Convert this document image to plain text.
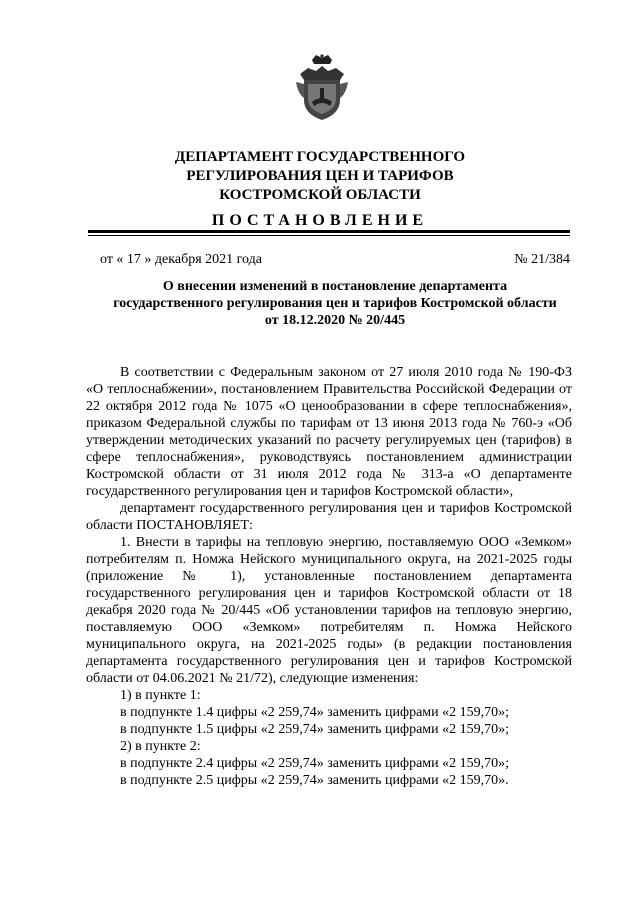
ДЕПАРТАМЕНТ ГОСУДАРСТВЕННОГО
РЕГУЛИРОВАНИЯ ЦЕН И ТАРИФОВ
КОСТРОМСКОЙ ОБЛАСТИ
ПОСТАНОВЛЕНИЕ
от « 17 » декабря 2021 года	№ 21/384
О внесении изменений в постановление департамента
государственного регулирования цен и тарифов Костромской области
от 18.12.2020 № 20/445

В соответствии с Федеральным законом от 27 июля 2010 года № 190-ФЗ «О теплоснабжении», постановлением Правительства Российской Федерации от 22 октября 2012 года № 1075 «О ценообразовании в сфере теплоснабжения», приказом Федеральной службы по тарифам от 13 июня 2013 года № 760-э «Об утверждении методических указаний по расчету регулируемых цен (тарифов) в сфере теплоснабжения», руководствуясь постановлением администрации Костромской области от 31 июля 2012 года № 313-а «О департаменте государственного регулирования цен и тарифов Костромской области»,

департамент государственного регулирования цен и тарифов Костромской области ПОСТАНОВЛЯЕТ:

1. Внести в тарифы на тепловую энергию, поставляемую ООО «Земком» потребителям п. Номжа Нейского муниципального округа, на 2021-2025 годы (приложение № 1), установленные постановлением департамента государственного регулирования цен и тарифов Костромской области от 18 декабря 2020 года № 20/445 «Об установлении тарифов на тепловую энергию, поставляемую ООО «Земком» потребителям п. Номжа Нейского муниципального округа, на 2021-2025 годы» (в редакции постановления департамента государственного регулирования цен и тарифов Костромской области от 04.06.2021 № 21/72), следующие изменения:

1) в пункте 1:

в подпункте 1.4 цифры «2 259,74» заменить цифрами «2 159,70»;

в подпункте 1.5 цифры «2 259,74» заменить цифрами «2 159,70»;

2) в пункте 2:

в подпункте 2.4 цифры «2 259,74» заменить цифрами «2 159,70»;

в подпункте 2.5 цифры «2 259,74» заменить цифрами «2 159,70».
